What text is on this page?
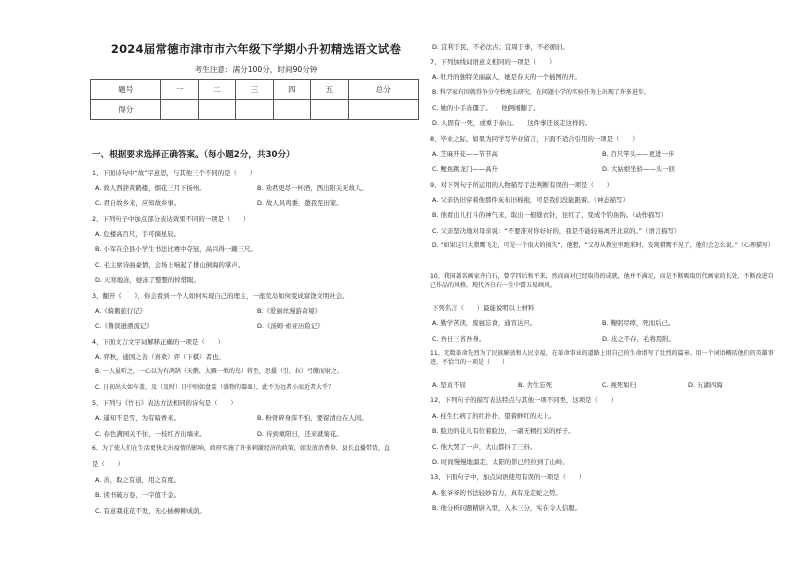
2024届常德市津市市六年级下学期小升初精选语文试卷
考生注意：满分100分，时间90分钟
题号	一	二	三	四	五	总分
得分						
一、根据要求选择正确答案。（每小题2分，共30分）
1、下面诗句中“故”字意思，与其他三个不同的是（　　）
A. 故人西辞黄鹤楼，烟花三月下扬州。	B. 劝君更尽一杯酒，西出阳关无故人。
C. 君自故乡来，应知故乡事。	D. 故人具鸡黍，邀我至田家。
2、下列句子中加点部分表达效果不同的一项是（　　）
A. 危楼高百尺，手可摘星辰。
B. 小军在全县小学生书法比赛中夺冠，高兴得一蹦三尺。
C. 毛主席诗曲豪情，会场上响起了排山倒海的掌声。
D. 天寒地冻，她冻了整整的悼惜眼。
3、翻开《　　》，你会看到一个人如何实现自己的理主，一座荒岛如何变成富饶文明社会。
A.《骑鹅旅行记》	B.《爱丽丝漫游奇境》
C.《鲁滨逊漂流记》	D.《汤姆·索亚历险记》
4、下面文言文字词解释正确的一项是（　　）
A. 弈秋，通国之善（喜欢）弈（下棋）者也。
B. 一人虽听之，一心以为有鸿鹄（天鹅，大雁一类的鸟）将至，思援（引，拉）弓缴而射之。
C. 日初出大如车盖，及（及时）日中则如盘盂（盛物的器皿），此不为远者小而近者大乎？
5、下列与《竹石》表达方法相同的诗句是（　　）
A. 遥知不是雪，为有暗香来。	B. 粉骨碎身浑不怕，要留清白在人间。
C. 春色满园关不住，一枝红杏出墙来。	D. 待到重阳日，还来就菊花。
6、为了使人们在生活更快走出疫情的影响，政府实施了许多刺激经济的政策，如发放消费券、县长直播带货，直
是（　　）
A. 善，取之有道，用之有度。
B. 读书破万卷，一字值千金。
C. 有意栽花花不发，无心插柳柳成荫。
D. 宜利于民，不必法古；宜周于事，不必循旧。
7、下列加线词语意义相同的一项是（　　）
A. 牡丹的独特美丽赢人，她是春天的一个插图的开。
B. 科学家有因就得争分夺秒地去研究，在问题小学的实验任务上出现了许多进步。
C. 她的小手冻僵了。　　他俩闹翻了。
D. 人固有一死，或重于泰山。　　这件事还该走这样的。
8、毕业之际，如果为同学写毕业留言，下面不适合引用的一项是（　　）
A. 芝麻开花——节节高	B. 百尺竿头——更进一步
C. 鲤鱼跳龙门——高升	D. 大姑娘坐轿——头一回
9、对下列句子所运用的人物描写手法判断有误的一项是（　　）
A. 父亲仍旧穿着他那件灰布旧棉袍，可是我们没能跟着。（神态描写）
B. 他看出儿打斗的神气来，取出一根缝衣针，往红了，变成个钓鱼钩。（动作描写）
C. 父亲坚决地对母亲说：“不要准对你好好的，我是不能轻易离开北京的。”（语言描写）
D. “如果这只大猎鹰飞走，可是一个很大的损失”，他想，“父母从教室里跑来时，发现猎鹰不见了，他们会怎么说。”（心理描写）
10、我国著名画家齐白石，曾学四后和平来，然而面对已经取得的成就，他并不满足，而是不断吸取历代画家的长处，不断改进自己作品的风格。现代齐白石一生中曾五易画风。
下列名言（　　）最能说明以上材料
A. 勤学苦读，废寝忘食，通宵达旦。	B. 鞠躬尽瘁，死而后已。
C. 吾日三省吾身。	D. 皮之不存，毛将焉附。
11、无数革命先烈为了民族解放和人民幸福，在革命事业的道路上用自己的生命谱写了壮烈的篇章。用一个词语概括他们的英雄事迹，不恰当的一项是（　　）
A. 坚贞不屈	B. 舍生忘死	C. 视死如归	D. 五湖四海
12、下列句子的描写表达特点与其他一项不同类，这项是（　　）
A. 桂生仁病了的红扑扑，望着鲜红的天上。
B. 脸边的花儿有位着脸边，一副无精打采的样子。
C. 他大哭了一声，大山都抖了三抖。
D. 时间慢慢地溜走，太阳的影已经拉到了山岭。
13、下面句子中，加点词语使用有误的一项是（　　）
A. 张爷爷的书法轻妙有力，真有龙走蛇之势。
B. 他分析问题精辟入里，入木三分，实在令人信服。
